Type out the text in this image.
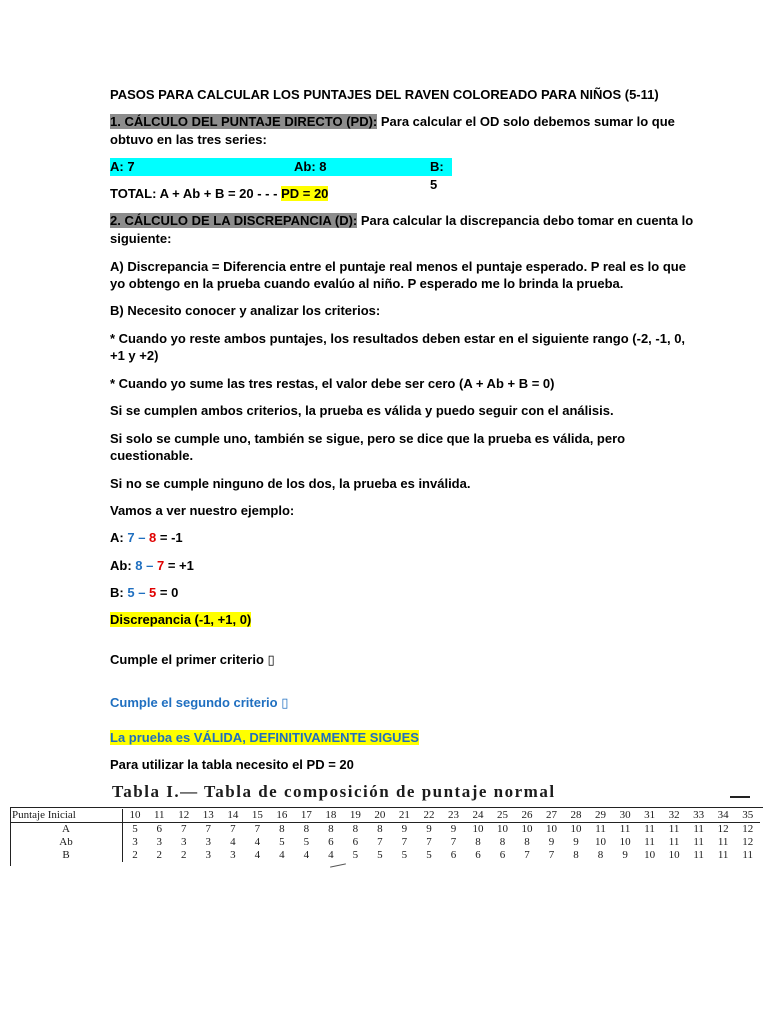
PASOS PARA CALCULAR LOS PUNTAJES DEL RAVEN COLOREADO PARA NIÑOS (5-11)
1. CÁLCULO DEL PUNTAJE DIRECTO (PD): Para calcular el OD solo debemos sumar lo que
obtuvo en las tres series:
A: 7	Ab: 8	B: 5
TOTAL: A + Ab + B = 20 - - - PD = 20
2. CÁLCULO DE LA DISCREPANCIA (D): Para calcular la discrepancia debo tomar en cuenta lo
siguiente:
A) Discrepancia = Diferencia entre el puntaje real menos el puntaje esperado. P real es lo que
yo obtengo en la prueba cuando evalúo al niño. P esperado me lo brinda la prueba.
B) Necesito conocer y analizar los criterios:
* Cuando yo reste ambos puntajes, los resultados deben estar en el siguiente rango (-2, -1, 0,
+1 y +2)
* Cuando yo sume las tres restas, el valor debe ser cero (A + Ab + B = 0)
Si se cumplen ambos criterios, la prueba es válida y puedo seguir con el análisis.
Si solo se cumple uno, también se sigue, pero se dice que la prueba es válida, pero
cuestionable.
Si no se cumple ninguno de los dos, la prueba es inválida.
Vamos a ver nuestro ejemplo:
A: 7 – 8 = -1
Ab: 8 – 7 = +1
B: 5 – 5 = 0
Discrepancia (-1, +1, 0)
Cumple el primer criterio ▯
Cumple el segundo criterio ▯
La prueba es VÁLIDA, DEFINITIVAMENTE SIGUES
Para utilizar la tabla necesito el PD = 20
Tabla I.— Tabla de composición de puntaje normal
Puntaje Inicial	10	11	12	13	14	15	16	17	18	19	20	21	22	23	24	25	26	27	28	29	30	31	32	33	34	35
A	5	6	7	7	7	7	8	8	8	8	8	9	9	9	10	10	10	10	10	11	11	11	11	11	12	12
Ab	3	3	3	3	4	4	5	5	6	6	7	7	7	7	8	8	8	9	9	10	10	11	11	11	11	12
B	2	2	2	3	3	4	4	4	4	5	5	5	5	6	6	6	7	7	8	8	9	10	10	11	11	11
